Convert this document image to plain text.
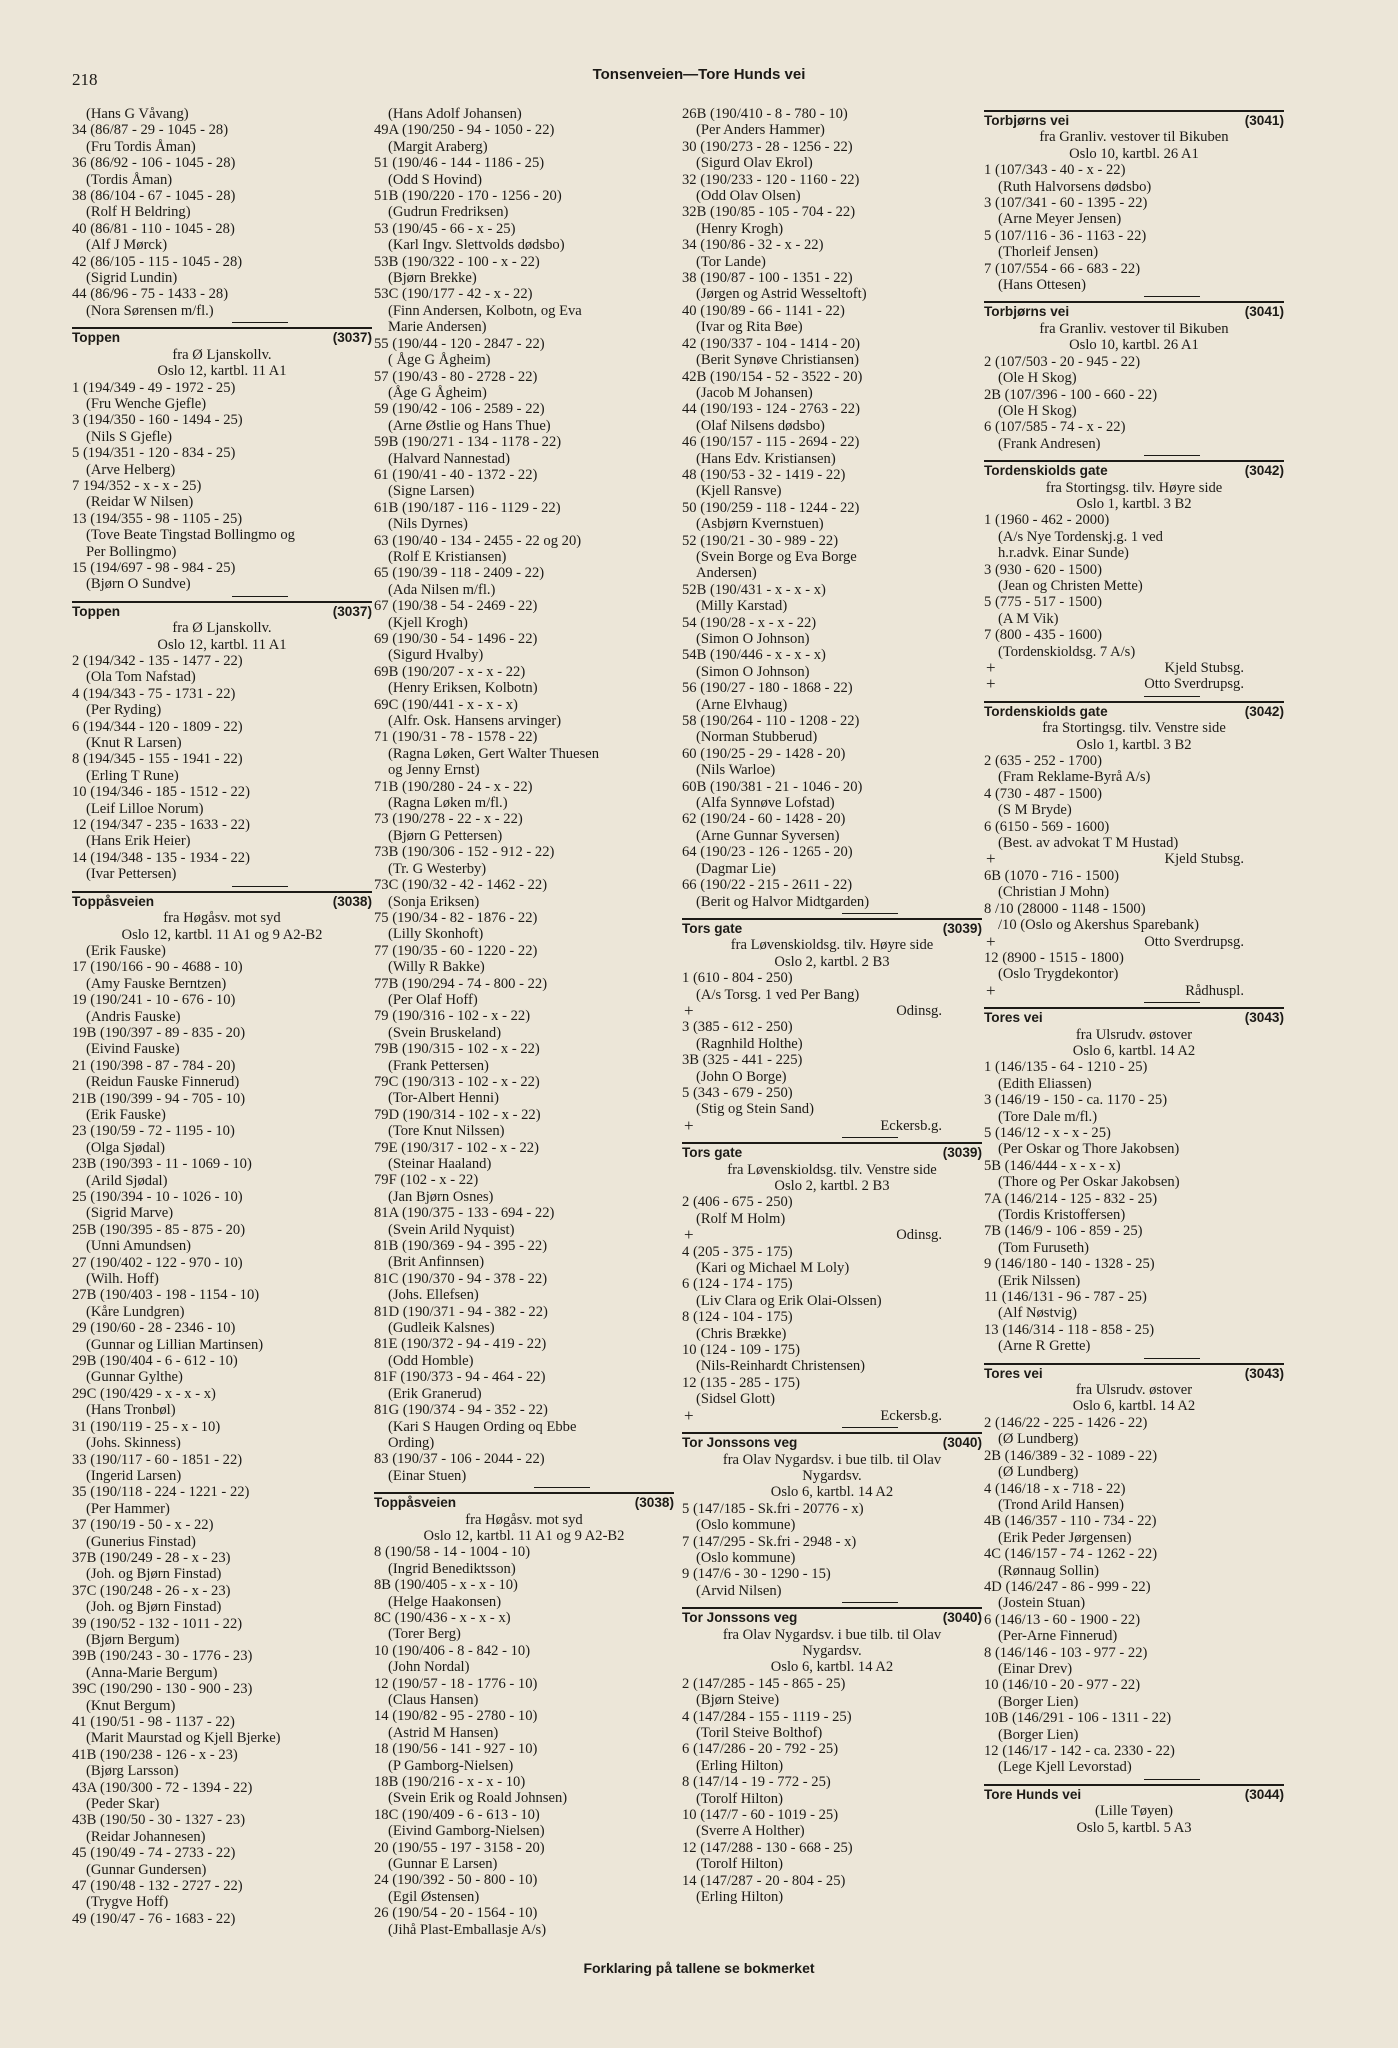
218	Tonsenveien—Tore Hunds vei
(Hans G Våvang)
34 (86/87 - 29 - 1045 - 28)
(Fru Tordis Åman)
36 (86/92 - 106 - 1045 - 28)
(Tordis Åman)
38 (86/104 - 67 - 1045 - 28)
(Rolf H Beldring)
40 (86/81 - 110 - 1045 - 28)
(Alf J Mørck)
42 (86/105 - 115 - 1045 - 28)
(Sigrid Lundin)
44 (86/96 - 75 - 1433 - 28)
(Nora Sørensen m/fl.)
Toppen	(3037)
fra Ø Ljanskollv.
Oslo 12, kartbl. 11 A1
1 (194/349 - 49 - 1972 - 25)
(Fru Wenche Gjefle)
3 (194/350 - 160 - 1494 - 25)
(Nils S Gjefle)
5 (194/351 - 120 - 834 - 25)
(Arve Helberg)
7 194/352 - x - x - 25)
(Reidar W Nilsen)
13 (194/355 - 98 - 1105 - 25)
(Tove Beate Tingstad Bollingmo og
Per Bollingmo)
15 (194/697 - 98 - 984 - 25)
(Bjørn O Sundve)
Toppen	(3037)
fra Ø Ljanskollv.
Oslo 12, kartbl. 11 A1
2 (194/342 - 135 - 1477 - 22)
(Ola Tom Nafstad)
4 (194/343 - 75 - 1731 - 22)
(Per Ryding)
6 (194/344 - 120 - 1809 - 22)
(Knut R Larsen)
8 (194/345 - 155 - 1941 - 22)
(Erling T Rune)
10 (194/346 - 185 - 1512 - 22)
(Leif Lilloe Norum)
12 (194/347 - 235 - 1633 - 22)
(Hans Erik Heier)
14 (194/348 - 135 - 1934 - 22)
(Ivar Pettersen)
Toppåsveien	(3038)
fra Høgåsv. mot syd
Oslo 12, kartbl. 11 A1 og 9 A2-B2
(Erik Fauske)
17 (190/166 - 90 - 4688 - 10)
(Amy Fauske Berntzen)
19 (190/241 - 10 - 676 - 10)
(Andris Fauske)
19B (190/397 - 89 - 835 - 20)
(Eivind Fauske)
21 (190/398 - 87 - 784 - 20)
(Reidun Fauske Finnerud)
21B (190/399 - 94 - 705 - 10)
(Erik Fauske)
23 (190/59 - 72 - 1195 - 10)
(Olga Sjødal)
23B (190/393 - 11 - 1069 - 10)
(Arild Sjødal)
25 (190/394 - 10 - 1026 - 10)
(Sigrid Marve)
25B (190/395 - 85 - 875 - 20)
(Unni Amundsen)
27 (190/402 - 122 - 970 - 10)
(Wilh. Hoff)
27B (190/403 - 198 - 1154 - 10)
(Kåre Lundgren)
29 (190/60 - 28 - 2346 - 10)
(Gunnar og Lillian Martinsen)
29B (190/404 - 6 - 612 - 10)
(Gunnar Gylthe)
29C (190/429 - x - x - x)
(Hans Tronbøl)
31 (190/119 - 25 - x - 10)
(Johs. Skinness)
33 (190/117 - 60 - 1851 - 22)
(Ingerid Larsen)
35 (190/118 - 224 - 1221 - 22)
(Per Hammer)
37 (190/19 - 50 - x - 22)
(Gunerius Finstad)
37B (190/249 - 28 - x - 23)
(Joh. og Bjørn Finstad)
37C (190/248 - 26 - x - 23)
(Joh. og Bjørn Finstad)
39 (190/52 - 132 - 1011 - 22)
(Bjørn Bergum)
39B (190/243 - 30 - 1776 - 23)
(Anna-Marie Bergum)
39C (190/290 - 130 - 900 - 23)
(Knut Bergum)
41 (190/51 - 98 - 1137 - 22)
(Marit Maurstad og Kjell Bjerke)
41B (190/238 - 126 - x - 23)
(Bjørg Larsson)
43A (190/300 - 72 - 1394 - 22)
(Peder Skar)
43B (190/50 - 30 - 1327 - 23)
(Reidar Johannesen)
45 (190/49 - 74 - 2733 - 22)
(Gunnar Gundersen)
47 (190/48 - 132 - 2727 - 22)
(Trygve Hoff)
49 (190/47 - 76 - 1683 - 22)
(Hans Adolf Johansen)
49A (190/250 - 94 - 1050 - 22)
(Margit Araberg)
51 (190/46 - 144 - 1186 - 25)
(Odd S Hovind)
51B (190/220 - 170 - 1256 - 20)
(Gudrun Fredriksen)
53 (190/45 - 66 - x - 25)
(Karl Ingv. Slettvolds dødsbo)
53B (190/322 - 100 - x - 22)
(Bjørn Brekke)
53C (190/177 - 42 - x - 22)
(Finn Andersen, Kolbotn, og Eva
Marie Andersen)
55 (190/44 - 120 - 2847 - 22)
( Åge G Ågheim)
57 (190/43 - 80 - 2728 - 22)
(Åge G Ågheim)
59 (190/42 - 106 - 2589 - 22)
(Arne Østlie og Hans Thue)
59B (190/271 - 134 - 1178 - 22)
(Halvard Nannestad)
61 (190/41 - 40 - 1372 - 22)
(Signe Larsen)
61B (190/187 - 116 - 1129 - 22)
(Nils Dyrnes)
63 (190/40 - 134 - 2455 - 22 og 20)
(Rolf E Kristiansen)
65 (190/39 - 118 - 2409 - 22)
(Ada Nilsen m/fl.)
67 (190/38 - 54 - 2469 - 22)
(Kjell Krogh)
69 (190/30 - 54 - 1496 - 22)
(Sigurd Hvalby)
69B (190/207 - x - x - 22)
(Henry Eriksen, Kolbotn)
69C (190/441 - x - x - x)
(Alfr. Osk. Hansens arvinger)
71 (190/31 - 78 - 1578 - 22)
(Ragna Løken, Gert Walter Thuesen
og Jenny Ernst)
71B (190/280 - 24 - x - 22)
(Ragna Løken m/fl.)
73 (190/278 - 22 - x - 22)
(Bjørn G Pettersen)
73B (190/306 - 152 - 912 - 22)
(Tr. G Westerby)
73C (190/32 - 42 - 1462 - 22)
(Sonja Eriksen)
75 (190/34 - 82 - 1876 - 22)
(Lilly Skonhoft)
77 (190/35 - 60 - 1220 - 22)
(Willy R Bakke)
77B (190/294 - 74 - 800 - 22)
(Per Olaf Hoff)
79 (190/316 - 102 - x - 22)
(Svein Bruskeland)
79B (190/315 - 102 - x - 22)
(Frank Pettersen)
79C (190/313 - 102 - x - 22)
(Tor-Albert Henni)
79D (190/314 - 102 - x - 22)
(Tore Knut Nilssen)
79E (190/317 - 102 - x - 22)
(Steinar Haaland)
79F (102 - x - 22)
(Jan Bjørn Osnes)
81A (190/375 - 133 - 694 - 22)
(Svein Arild Nyquist)
81B (190/369 - 94 - 395 - 22)
(Brit Anfinnsen)
81C (190/370 - 94 - 378 - 22)
(Johs. Ellefsen)
81D (190/371 - 94 - 382 - 22)
(Gudleik Kalsnes)
81E (190/372 - 94 - 419 - 22)
(Odd Homble)
81F (190/373 - 94 - 464 - 22)
(Erik Granerud)
81G (190/374 - 94 - 352 - 22)
(Kari S Haugen Ording oq Ebbe
Ording)
83 (190/37 - 106 - 2044 - 22)
(Einar Stuen)
Toppåsveien	(3038)
fra Høgåsv. mot syd
Oslo 12, kartbl. 11 A1 og 9 A2-B2
8 (190/58 - 14 - 1004 - 10)
(Ingrid Benediktsson)
8B (190/405 - x - x - 10)
(Helge Haakonsen)
8C (190/436 - x - x - x)
(Torer Berg)
10 (190/406 - 8 - 842 - 10)
(John Nordal)
12 (190/57 - 18 - 1776 - 10)
(Claus Hansen)
14 (190/82 - 95 - 2780 - 10)
(Astrid M Hansen)
18 (190/56 - 141 - 927 - 10)
(P Gamborg-Nielsen)
18B (190/216 - x - x - 10)
(Svein Erik og Roald Johnsen)
18C (190/409 - 6 - 613 - 10)
(Eivind Gamborg-Nielsen)
20 (190/55 - 197 - 3158 - 20)
(Gunnar E Larsen)
24 (190/392 - 50 - 800 - 10)
(Egil Østensen)
26 (190/54 - 20 - 1564 - 10)
(Jihå Plast-Emballasje A/s)
26B (190/410 - 8 - 780 - 10)
(Per Anders Hammer)
30 (190/273 - 28 - 1256 - 22)
(Sigurd Olav Ekrol)
32 (190/233 - 120 - 1160 - 22)
(Odd Olav Olsen)
32B (190/85 - 105 - 704 - 22)
(Henry Krogh)
34 (190/86 - 32 - x - 22)
(Tor Lande)
38 (190/87 - 100 - 1351 - 22)
(Jørgen og Astrid Wesseltoft)
40 (190/89 - 66 - 1141 - 22)
(Ivar og Rita Bøe)
42 (190/337 - 104 - 1414 - 20)
(Berit Synøve Christiansen)
42B (190/154 - 52 - 3522 - 20)
(Jacob M Johansen)
44 (190/193 - 124 - 2763 - 22)
(Olaf Nilsens dødsbo)
46 (190/157 - 115 - 2694 - 22)
(Hans Edv. Kristiansen)
48 (190/53 - 32 - 1419 - 22)
(Kjell Ransve)
50 (190/259 - 118 - 1244 - 22)
(Asbjørn Kvernstuen)
52 (190/21 - 30 - 989 - 22)
(Svein Borge og Eva Borge
Andersen)
52B (190/431 - x - x - x)
(Milly Karstad)
54 (190/28 - x - x - 22)
(Simon O Johnson)
54B (190/446 - x - x - x)
(Simon O Johnson)
56 (190/27 - 180 - 1868 - 22)
(Arne Elvhaug)
58 (190/264 - 110 - 1208 - 22)
(Norman Stubberud)
60 (190/25 - 29 - 1428 - 20)
(Nils Warloe)
60B (190/381 - 21 - 1046 - 20)
(Alfa Synnøve Lofstad)
62 (190/24 - 60 - 1428 - 20)
(Arne Gunnar Syversen)
64 (190/23 - 126 - 1265 - 20)
(Dagmar Lie)
66 (190/22 - 215 - 2611 - 22)
(Berit og Halvor Midtgarden)
Tors gate	(3039)
fra Løvenskioldsg. tilv. Høyre side
Oslo 2, kartbl. 2 B3
1 (610 - 804 - 250)
(A/s Torsg. 1 ved Per Bang)
+	Odinsg.
3 (385 - 612 - 250)
(Ragnhild Holthe)
3B (325 - 441 - 225)
(John O Borge)
5 (343 - 679 - 250)
(Stig og Stein Sand)
+	Eckersb.g.
Tors gate	(3039)
fra Løvenskioldsg. tilv. Venstre side
Oslo 2, kartbl. 2 B3
2 (406 - 675 - 250)
(Rolf M Holm)
+	Odinsg.
4 (205 - 375 - 175)
(Kari og Michael M Loly)
6 (124 - 174 - 175)
(Liv Clara og Erik Olai-Olssen)
8 (124 - 104 - 175)
(Chris Brække)
10 (124 - 109 - 175)
(Nils-Reinhardt Christensen)
12 (135 - 285 - 175)
(Sidsel Glott)
+	Eckersb.g.
Tor Jonssons veg	(3040)
fra Olav Nygardsv. i bue tilb. til Olav
Nygardsv.
Oslo 6, kartbl. 14 A2
5 (147/185 - Sk.fri - 20776 - x)
(Oslo kommune)
7 (147/295 - Sk.fri - 2948 - x)
(Oslo kommune)
9 (147/6 - 30 - 1290 - 15)
(Arvid Nilsen)
Tor Jonssons veg	(3040)
fra Olav Nygardsv. i bue tilb. til Olav
Nygardsv.
Oslo 6, kartbl. 14 A2
2 (147/285 - 145 - 865 - 25)
(Bjørn Steive)
4 (147/284 - 155 - 1119 - 25)
(Toril Steive Bolthof)
6 (147/286 - 20 - 792 - 25)
(Erling Hilton)
8 (147/14 - 19 - 772 - 25)
(Torolf Hilton)
10 (147/7 - 60 - 1019 - 25)
(Sverre A Holther)
12 (147/288 - 130 - 668 - 25)
(Torolf Hilton)
14 (147/287 - 20 - 804 - 25)
(Erling Hilton)
Torbjørns vei	(3041)
fra Granliv. vestover til Bikuben
Oslo 10, kartbl. 26 A1
1 (107/343 - 40 - x - 22)
(Ruth Halvorsens dødsbo)
3 (107/341 - 60 - 1395 - 22)
(Arne Meyer Jensen)
5 (107/116 - 36 - 1163 - 22)
(Thorleif Jensen)
7 (107/554 - 66 - 683 - 22)
(Hans Ottesen)
Torbjørns vei	(3041)
fra Granliv. vestover til Bikuben
Oslo 10, kartbl. 26 A1
2 (107/503 - 20 - 945 - 22)
(Ole H Skog)
2B (107/396 - 100 - 660 - 22)
(Ole H Skog)
6 (107/585 - 74 - x - 22)
(Frank Andresen)
Tordenskiolds gate	(3042)
fra Stortingsg. tilv. Høyre side
Oslo 1, kartbl. 3 B2
1 (1960 - 462 - 2000)
(A/s Nye Tordenskj.g. 1 ved
h.r.advk. Einar Sunde)
3 (930 - 620 - 1500)
(Jean og Christen Mette)
5 (775 - 517 - 1500)
(A M Vik)
7 (800 - 435 - 1600)
(Tordenskioldsg. 7 A/s)
+	Kjeld Stubsg.
+	Otto Sverdrupsg.
Tordenskiolds gate	(3042)
fra Stortingsg. tilv. Venstre side
Oslo 1, kartbl. 3 B2
2 (635 - 252 - 1700)
(Fram Reklame-Byrå A/s)
4 (730 - 487 - 1500)
(S M Bryde)
6 (6150 - 569 - 1600)
(Best. av advokat T M Hustad)
+	Kjeld Stubsg.
6B (1070 - 716 - 1500)
(Christian J Mohn)
8 /10 (28000 - 1148 - 1500)
/10 (Oslo og Akershus Sparebank)
+	Otto Sverdrupsg.
12 (8900 - 1515 - 1800)
(Oslo Trygdekontor)
+	Rådhuspl.
Tores vei	(3043)
fra Ulsrudv. østover
Oslo 6, kartbl. 14 A2
1 (146/135 - 64 - 1210 - 25)
(Edith Eliassen)
3 (146/19 - 150 - ca. 1170 - 25)
(Tore Dale m/fl.)
5 (146/12 - x - x - 25)
(Per Oskar og Thore Jakobsen)
5B (146/444 - x - x - x)
(Thore og Per Oskar Jakobsen)
7A (146/214 - 125 - 832 - 25)
(Tordis Kristoffersen)
7B (146/9 - 106 - 859 - 25)
(Tom Furuseth)
9 (146/180 - 140 - 1328 - 25)
(Erik Nilssen)
11 (146/131 - 96 - 787 - 25)
(Alf Nøstvig)
13 (146/314 - 118 - 858 - 25)
(Arne R Grette)
Tores vei	(3043)
fra Ulsrudv. østover
Oslo 6, kartbl. 14 A2
2 (146/22 - 225 - 1426 - 22)
(Ø Lundberg)
2B (146/389 - 32 - 1089 - 22)
(Ø Lundberg)
4 (146/18 - x - 718 - 22)
(Trond Arild Hansen)
4B (146/357 - 110 - 734 - 22)
(Erik Peder Jørgensen)
4C (146/157 - 74 - 1262 - 22)
(Rønnaug Sollin)
4D (146/247 - 86 - 999 - 22)
(Jostein Stuan)
6 (146/13 - 60 - 1900 - 22)
(Per-Arne Finnerud)
8 (146/146 - 103 - 977 - 22)
(Einar Drev)
10 (146/10 - 20 - 977 - 22)
(Borger Lien)
10B (146/291 - 106 - 1311 - 22)
(Borger Lien)
12 (146/17 - 142 - ca. 2330 - 22)
(Lege Kjell Levorstad)
Tore Hunds vei	(3044)
(Lille Tøyen)
Oslo 5, kartbl. 5 A3
Forklaring på tallene se bokmerket
